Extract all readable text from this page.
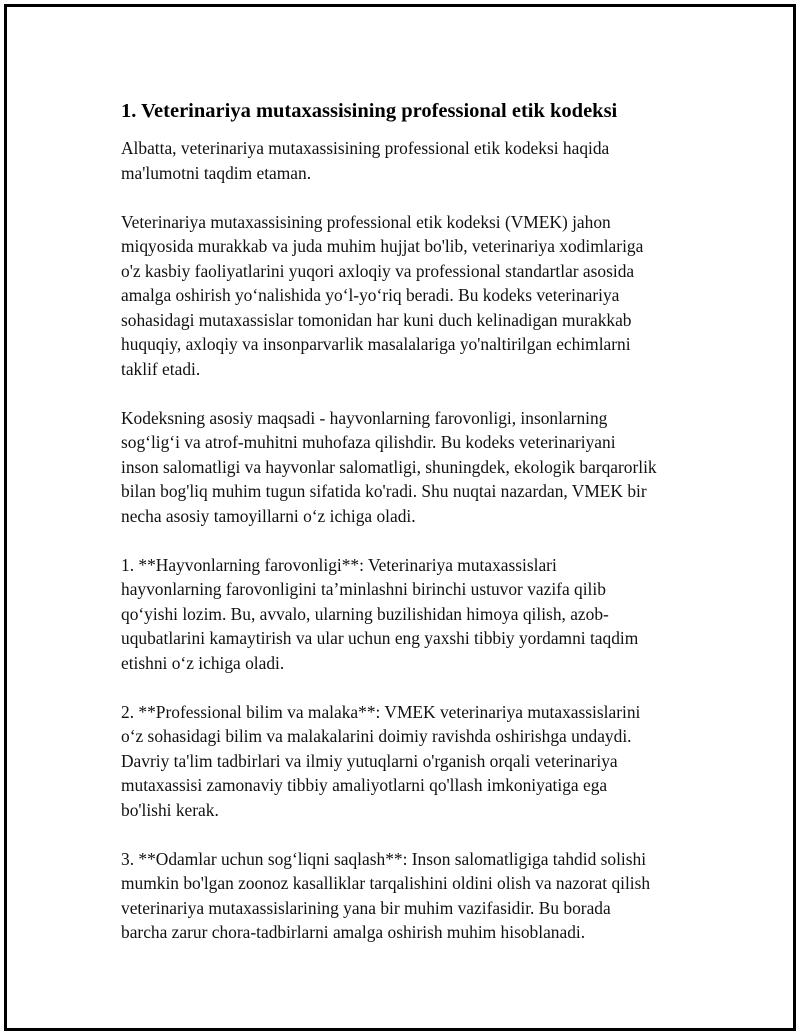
1. Veterinariya mutaxassisining professional etik kodeksi
Albatta, veterinariya mutaxassisining professional etik kodeksi haqida
ma'lumotni taqdim etaman.
Veterinariya mutaxassisining professional etik kodeksi (VMEK) jahon
miqyosida murakkab va juda muhim hujjat bo'lib, veterinariya xodimlariga
o'z kasbiy faoliyatlarini yuqori axloqiy va professional standartlar asosida
amalga oshirish yo‘nalishida yo‘l-yo‘riq beradi. Bu kodeks veterinariya
sohasidagi mutaxassislar tomonidan har kuni duch kelinadigan murakkab
huquqiy, axloqiy va insonparvarlik masalalariga yo'naltirilgan echimlarni
taklif etadi.
Kodeksning asosiy maqsadi - hayvonlarning farovonligi, insonlarning
sog‘lig‘i va atrof-muhitni muhofaza qilishdir. Bu kodeks veterinariyani
inson salomatligi va hayvonlar salomatligi, shuningdek, ekologik barqarorlik
bilan bog'liq muhim tugun sifatida ko'radi. Shu nuqtai nazardan, VMEK bir
necha asosiy tamoyillarni o‘z ichiga oladi.
1. **Hayvonlarning farovonligi**: Veterinariya mutaxassislari
hayvonlarning farovonligini ta’minlashni birinchi ustuvor vazifa qilib
qo‘yishi lozim. Bu, avvalo, ularning buzilishidan himoya qilish, azob-
uqubatlarini kamaytirish va ular uchun eng yaxshi tibbiy yordamni taqdim
etishni o‘z ichiga oladi.
2. **Professional bilim va malaka**: VMEK veterinariya mutaxassislarini
o‘z sohasidagi bilim va malakalarini doimiy ravishda oshirishga undaydi.
Davriy ta'lim tadbirlari va ilmiy yutuqlarni o'rganish orqali veterinariya
mutaxassisi zamonaviy tibbiy amaliyotlarni qo'llash imkoniyatiga ega
bo'lishi kerak.
3. **Odamlar uchun sog‘liqni saqlash**: Inson salomatligiga tahdid solishi
mumkin bo'lgan zoonoz kasalliklar tarqalishini oldini olish va nazorat qilish
veterinariya mutaxassislarining yana bir muhim vazifasidir. Bu borada
barcha zarur chora-tadbirlarni amalga oshirish muhim hisoblanadi.
